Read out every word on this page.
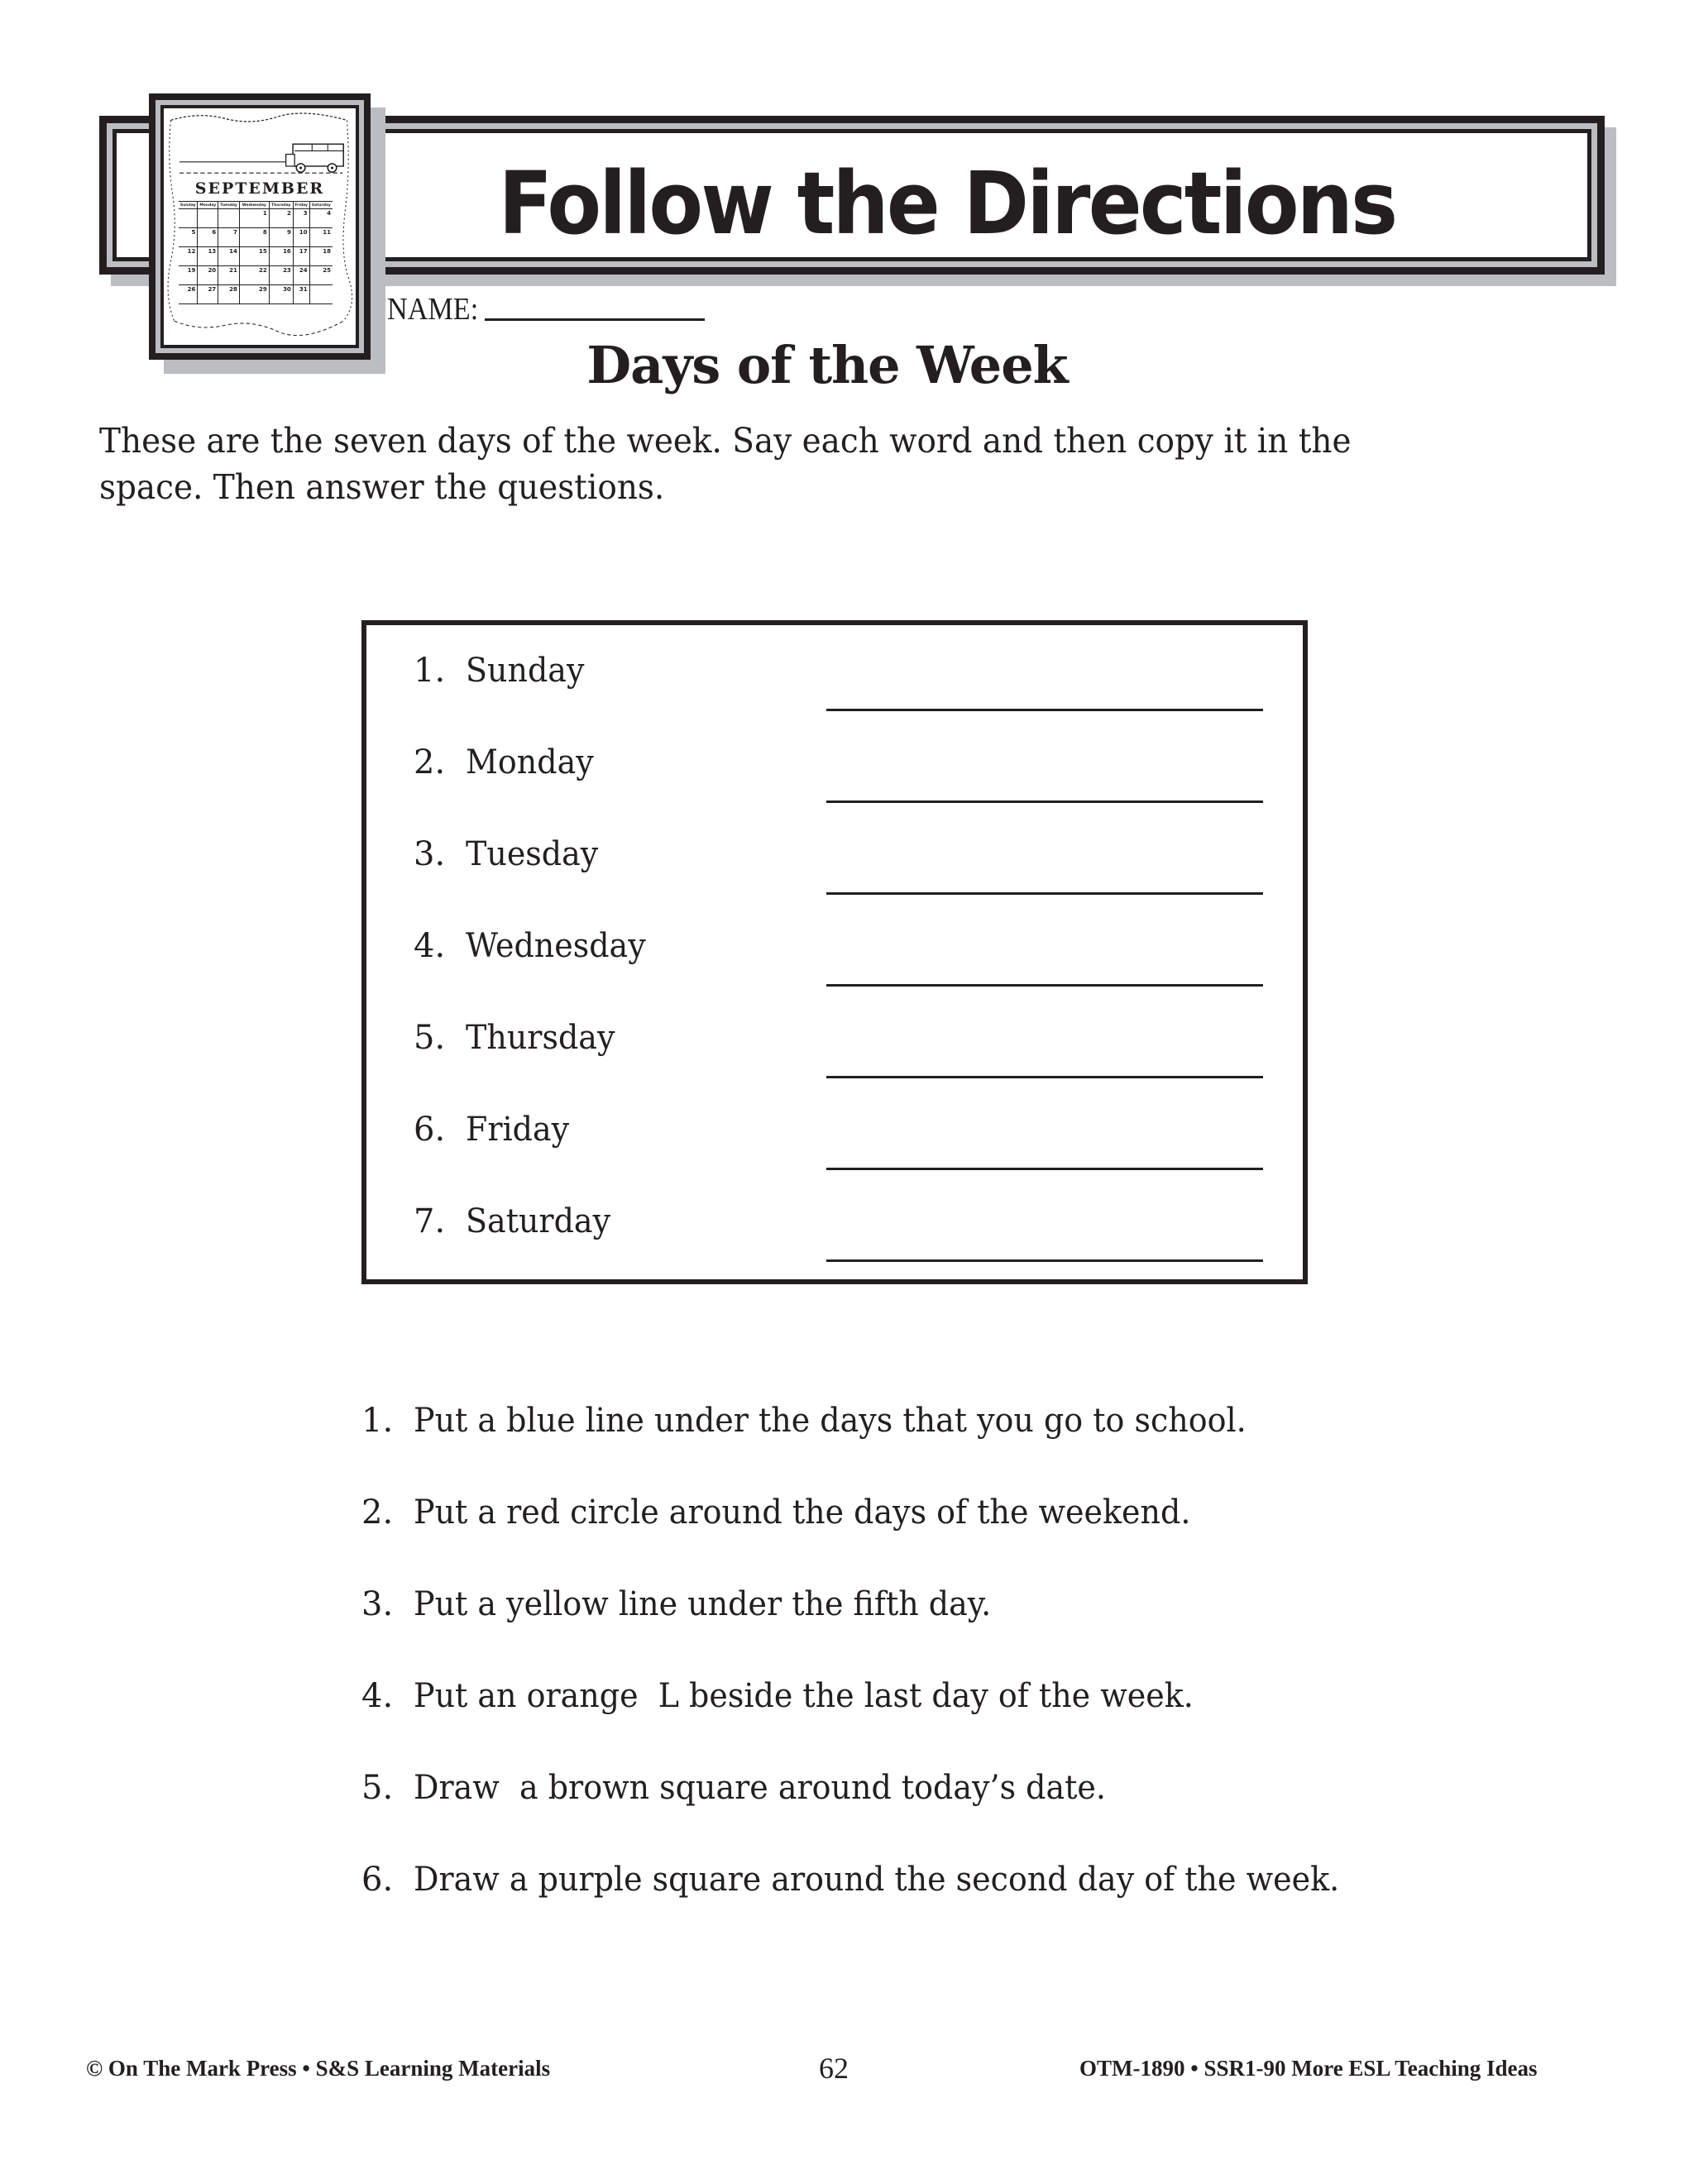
Follow the Directions
SEPTEMBER
Sunday	Monday	Tuesday	Wednesday	Thursday	Friday	Saturday
			1	2	3	4
5	6	7	8	9	10	11
12	13	14	15	16	17	18
19	20	21	22	23	24	25
26	27	28	29	30	31	
NAME:
Days of the Week
These are the seven days of the week. Say each word and then copy it in the space. Then answer the questions.
1. Sunday
2. Monday
3. Tuesday
4. Wednesday
5. Thursday
6. Friday
7. Saturday
1. Put a blue line under the days that you go to school.
2. Put a red circle around the days of the weekend.
3. Put a yellow line under the fifth day.
4. Put an orange  L beside the last day of the week.
5. Draw  a brown square around today’s date.
6. Draw a purple square around the second day of the week.
© On The Mark Press • S&S Learning Materials	62	OTM-1890 • SSR1-90 More ESL Teaching Ideas
